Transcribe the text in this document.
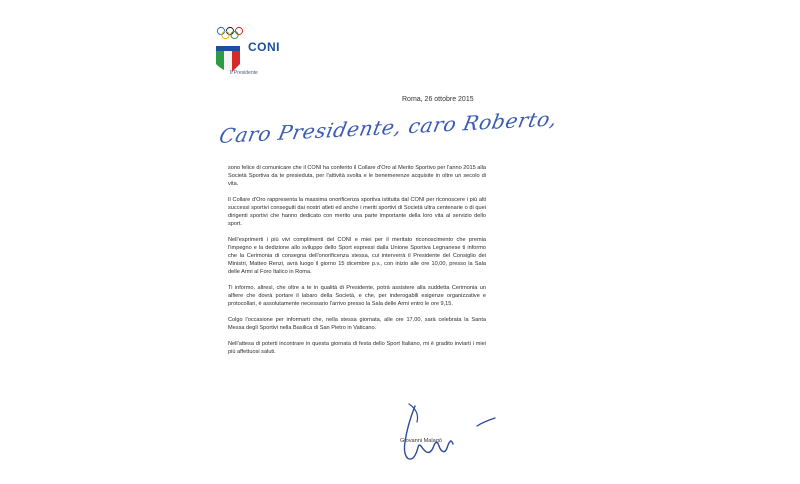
CONI
Il Presidente
Roma, 26 ottobre 2015
Caro Presidente, caro Roberto,

sono felice di comunicare che il CONI ha conferito il Collare d'Oro al Merito Sportivo per l'anno 2015 alla Società Sportiva da te presieduta, per l'attività svolta e le benemerenze acquisite in oltre un secolo di vita.

Il Collare d'Oro rappresenta la massima onorificenza sportiva istituita dal CONI per riconoscere i più alti successi sportivi conseguiti dai nostri atleti ed anche i meriti sportivi di Società ultra centenarie o di quei dirigenti sportivi che hanno dedicato con merito una parte importante della loro vita al servizio dello sport.

Nell'esprimerti i più vivi complimenti del CONI e miei per il meritato riconoscimento che premia l'impegno e la dedizione allo sviluppo dello Sport espressi dalla Unione Sportiva Legnanese ti informo che la Cerimonia di consegna dell'onorificenza stessa, cui interverrà il Presidente del Consiglio dei Ministri, Matteo Renzi, avrà luogo il giorno 15 dicembre p.v., con inizio alle ore 10,00, presso la Sala delle Armi al Foro Italico in Roma.

Ti informo, altresì, che oltre a te in qualità di Presidente, potrà assistere alla suddetta Cerimonia un alfiere che dovrà portare il labaro della Società, e che, per inderogabili esigenze organizzative e protocollari, è assolutamente necessario l'arrivo presso la Sala delle Armi entro le ore 9,15.

Colgo l'occasione per informarti che, nella stessa giornata, alle ore 17,00, sarà celebrata la Santa Messa degli Sportivi nella Basilica di San Pietro in Vaticano.

Nell'attesa di poterti incontrare in questa giornata di festa dello Sport Italiano, mi è gradito inviarti i miei più affettuosi saluti.

Giovanni Malagò
